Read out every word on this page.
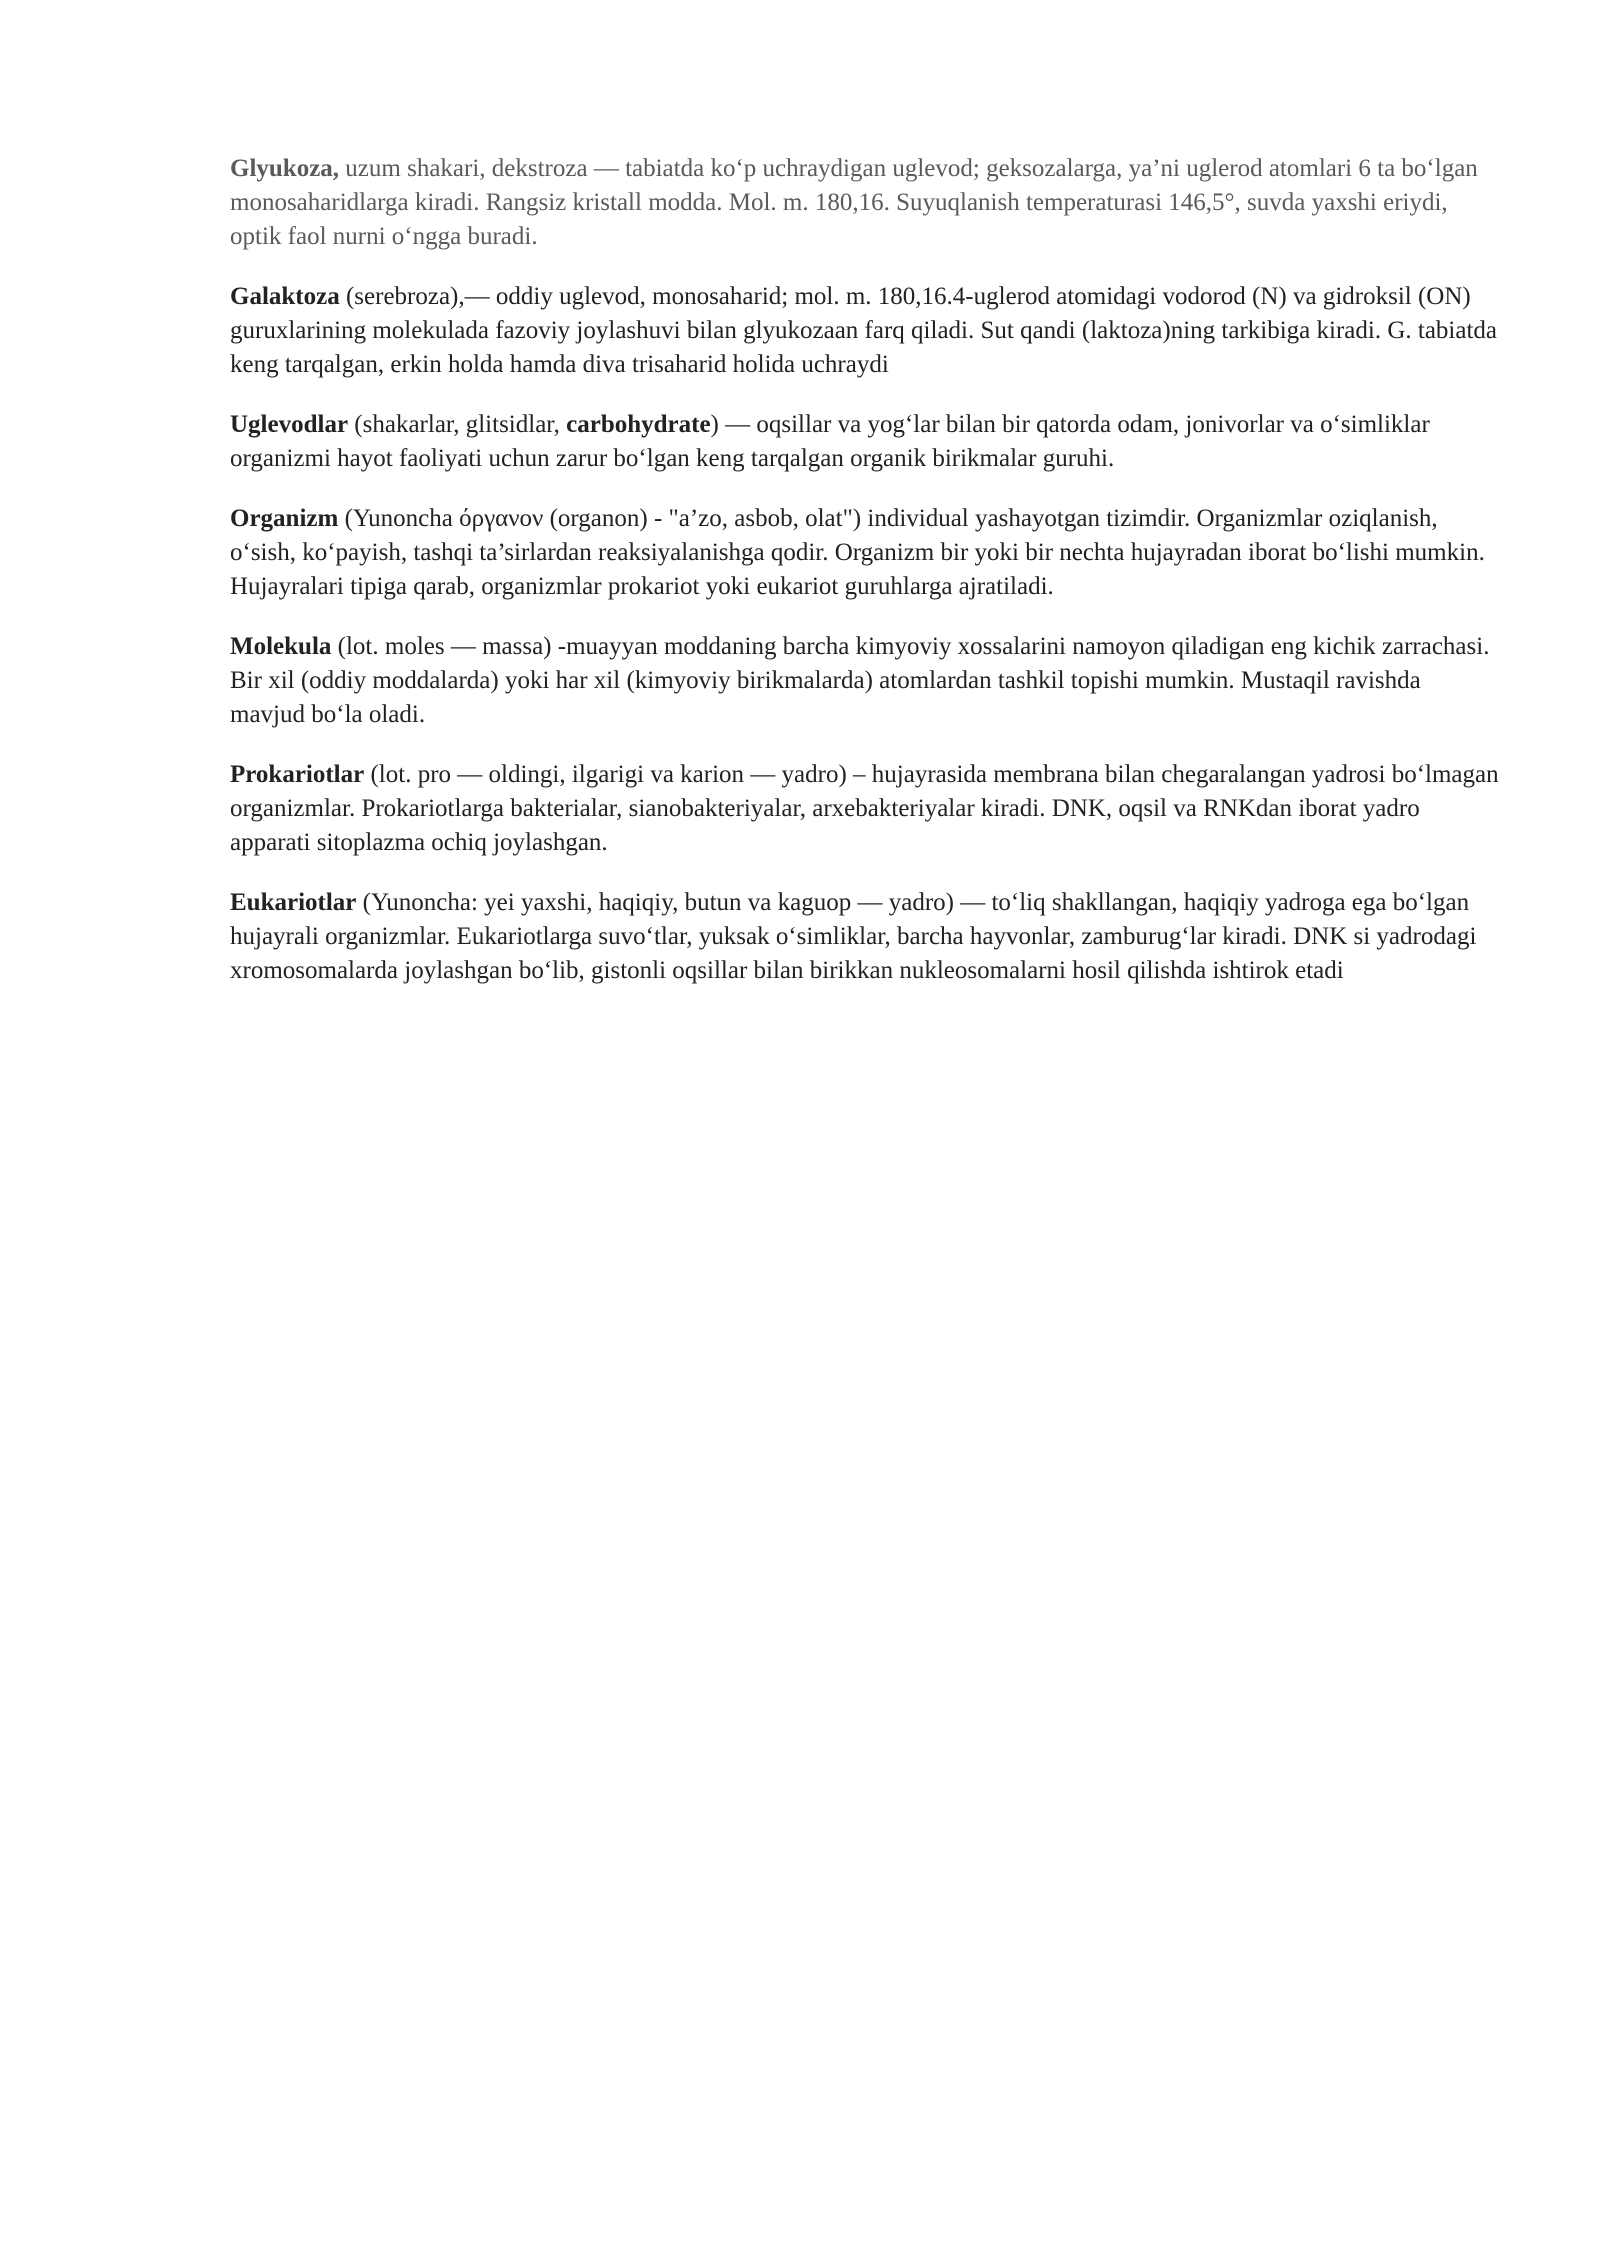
Glyukoza, uzum shakari, dekstroza — tabiatda ko‘p uchraydigan uglevod; geksozalarga, ya’ni uglerod atomlari 6 ta bo‘lgan monosaharidlarga kiradi. Rangsiz kristall modda. Mol. m. 180,16. Suyuqlanish temperaturasi 146,5°, suvda yaxshi eriydi, optik faol nurni o‘ngga buradi.

Galaktoza (serebroza),— oddiy uglevod, monosaharid; mol. m. 180,16.4-uglerod atomidagi vodorod (N) va gidroksil (ON) guruxlarining molekulada fazoviy joylashuvi bilan glyukozaan farq qiladi. Sut qandi (laktoza)ning tarkibiga kiradi. G. tabiatda keng tarqalgan, erkin holda hamda diva trisaharid holida uchraydi

Uglevodlar (shakarlar, glitsidlar, carbohydrate) — oqsillar va yog‘lar bilan bir qatorda odam, jonivorlar va o‘simliklar organizmi hayot faoliyati uchun zarur bo‘lgan keng tarqalgan organik birikmalar guruhi.

Organizm (Yunoncha όργανον (organon) - "a’zo, asbob, olat") individual yashayotgan tizimdir. Organizmlar oziqlanish, o‘sish, ko‘payish, tashqi ta’sirlardan reaksiyalanishga qodir. Organizm bir yoki bir nechta hujayradan iborat bo‘lishi mumkin. Hujayralari tipiga qarab, organizmlar prokariot yoki eukariot guruhlarga ajratiladi.

Molekula (lot. moles — massa) -muayyan moddaning barcha kimyoviy xossalarini namoyon qiladigan eng kichik zarrachasi. Bir xil (oddiy moddalarda) yoki har xil (kimyoviy birikmalarda) atomlardan tashkil topishi mumkin. Mustaqil ravishda mavjud bo‘la oladi.

Prokariotlar (lot. pro — oldingi, ilgarigi va karion — yadro) – hujayrasida membrana bilan chegaralangan yadrosi bo‘lmagan organizmlar. Prokariotlarga bakterialar, sianobakteriyalar, arxebakteriyalar kiradi. DNK, oqsil va RNKdan iborat yadro apparati sitoplazma ochiq joylashgan.

Eukariotlar (Yunoncha: yei yaxshi, haqiqiy, butun va kaguop — yadro) — to‘liq shakllangan, haqiqiy yadroga ega bo‘lgan hujayrali organizmlar. Eukariotlarga suvo‘tlar, yuksak o‘simliklar, barcha hayvonlar, zamburug‘lar kiradi. DNK si yadrodagi xromosomalarda joylashgan bo‘lib, gistonli oqsillar bilan birikkan nukleosomalarni hosil qilishda ishtirok etadi
